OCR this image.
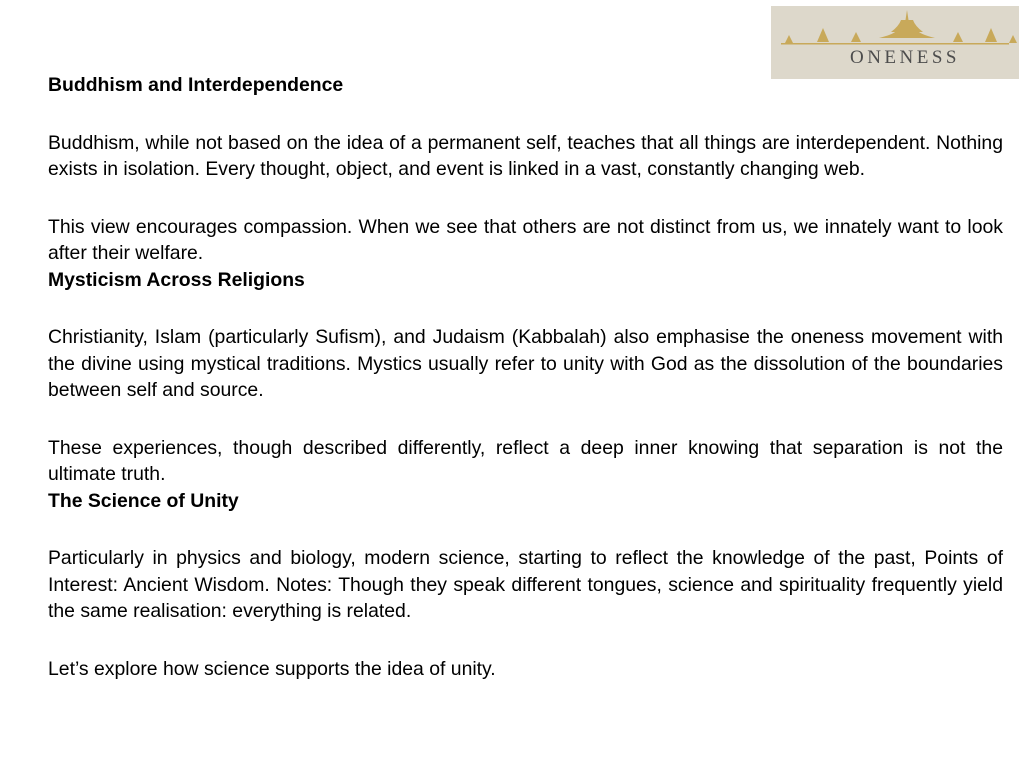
ONENESS
Buddhism and Interdependence

Buddhism, while not based on the idea of a permanent self, teaches that all things are interdependent. Nothing exists in isolation. Every thought, object, and event is linked in a vast, constantly changing web.

This view encourages compassion. When we see that others are not distinct from us, we innately want to look after their welfare.

Mysticism Across Religions

Christianity, Islam (particularly Sufism), and Judaism (Kabbalah) also emphasise the oneness movement with the divine using mystical traditions. Mystics usually refer to unity with God as the dissolution of the boundaries between self and source.

These experiences, though described differently, reflect a deep inner knowing that separation is not the ultimate truth.

The Science of Unity

Particularly in physics and biology, modern science, starting to reflect the knowledge of the past, Points of Interest: Ancient Wisdom. Notes: Though they speak different tongues, science and spirituality frequently yield the same realisation: everything is related.

Let’s explore how science supports the idea of unity.
